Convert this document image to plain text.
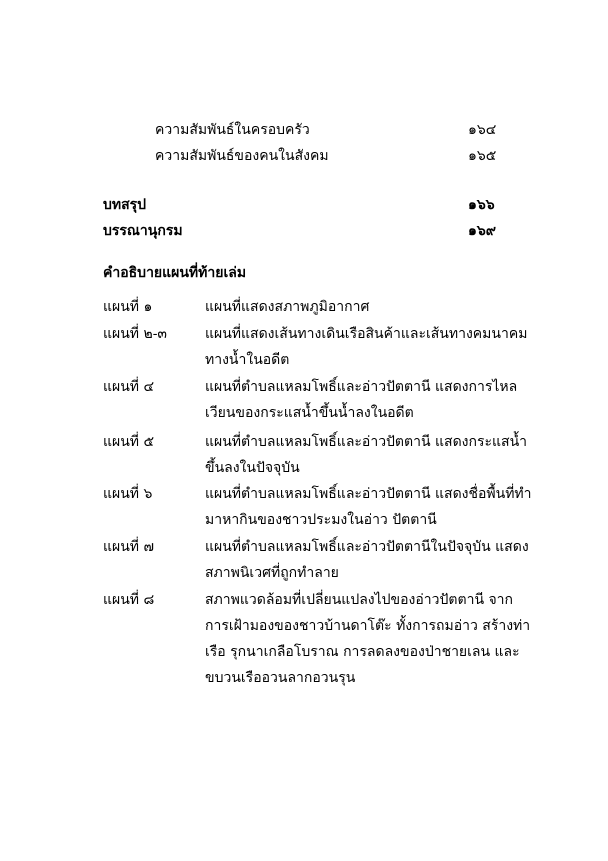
ความสัมพันธ์ในครอบครัว	๑๖๔
ความสัมพันธ์ของคนในสังคม	๑๖๕
บทสรุป	๑๖๖
บรรณานุกรม	๑๖๙
คำอธิบายแผนที่ท้ายเล่ม
แผนที่ ๑	แผนที่แสดงสภาพภูมิอากาศ
แผนที่ ๒-๓	แผนที่แสดงเส้นทางเดินเรือสินค้าและเส้นทางคมนาคม
ทางน้ำในอดีต
แผนที่ ๔	แผนที่ตำบลแหลมโพธิ์และอ่าวปัตตานี แสดงการไหล
เวียนของกระแสน้ำขึ้นน้ำลงในอดีต
แผนที่ ๕	แผนที่ตำบลแหลมโพธิ์และอ่าวปัตตานี แสดงกระแสน้ำ
ขึ้นลงในปัจจุบัน
แผนที่ ๖	แผนที่ตำบลแหลมโพธิ์และอ่าวปัตตานี แสดงชื่อพื้นที่ทำ
มาหากินของชาวประมงในอ่าว ปัตตานี
แผนที่ ๗	แผนที่ตำบลแหลมโพธิ์และอ่าวปัตตานีในปัจจุบัน แสดง
สภาพนิเวศที่ถูกทำลาย
แผนที่ ๘	สภาพแวดล้อมที่เปลี่ยนแปลงไปของอ่าวปัตตานี จาก
การเฝ้ามองของชาวบ้านดาโต๊ะ ทั้งการถมอ่าว สร้างท่า
เรือ รุกนาเกลือโบราณ การลดลงของป่าชายเลน และ
ขบวนเรืออวนลากอวนรุน
